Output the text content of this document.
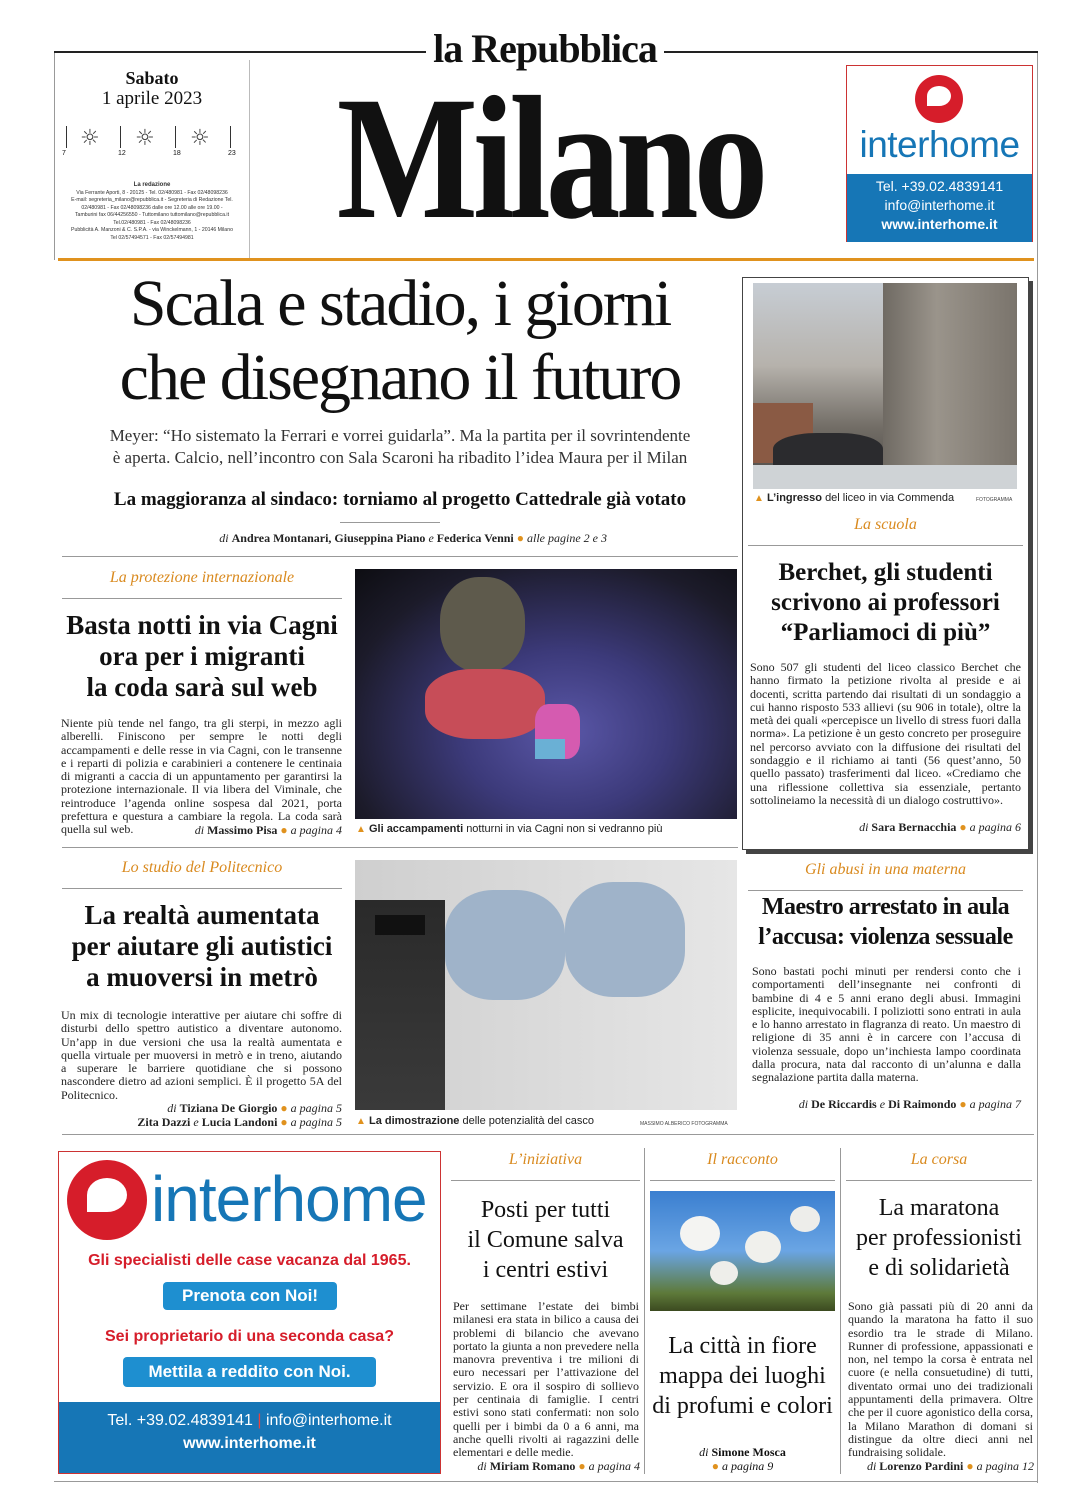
la Repubblica
Sabato
1 aprile 2023
☼ ☼ ☼
7	12	18	23
La redazione
Via Ferrante Aporti, 8 - 20125 - Tel. 02/480981 - Fax 02/48098236
E-mail: segreteria_milano@repubblica.it - Segreteria di Redazione Tel.
02/480981 - Fax 02/48098236 dalle ore 12.00 alle ore 19.00 -
Tamburini fax 06/44256550 - Tuttomilano tuttomilano@repubblica.it
Tel.02/480981 - Fax 02/48098236
Pubblicità A. Manzoni & C. S.P.A. - via Winckelmann, 1 - 20146 Milano
Tel 02/57494571 - Fax 02/57494981 Milano	interhome
Tel. +39.02.4839141
info@interhome.it
www.interhome.it
Scala e stadio, i giorni
che disegnano il futuro
Meyer: “Ho sistemato la Ferrari e vorrei guidarla”. Ma la partita per il sovrintendente
è aperta. Calcio, nell’incontro con Sala Scaroni ha ribadito l’idea Maura per il Milan
La maggioranza al sindaco: torniamo al progetto Cattedrale già votato
di Andrea Montanari, Giuseppina Piano e Federica Venni ● alle pagine 2 e 3
▲ L’ingresso del liceo in via Commenda	FOTOGRAMMA
La scuola
Berchet, gli studenti
scrivono ai professori
“Parliamoci di più”
Sono 507 gli studenti del liceo classico Berchet che hanno firmato la petizione rivolta al preside e ai docenti, scritta partendo dai risultati di un sondaggio a cui hanno risposto 533 allievi (su 906 in totale), oltre la metà dei quali «percepisce un livello di stress fuori dalla norma». La petizione è un gesto concreto per proseguire nel percorso avviato con la diffusione dei risultati del sondaggio e il richiamo ai tanti (56 quest’anno, 50 quello passato) trasferimenti dal liceo. «Crediamo che una riflessione collettiva sia essenziale, pertanto sottolineiamo la necessità di un dialogo costruttivo».
di Sara Bernacchia ● a pagina 6
La protezione internazionale
Basta notti in via Cagni
ora per i migranti
la coda sarà sul web
Niente più tende nel fango, tra gli sterpi, in mezzo agli alberelli. Finiscono per sempre le notti degli accampamenti e delle resse in via Cagni, con le transenne e i reparti di polizia e carabinieri a contenere le centinaia di migranti a caccia di un appuntamento per garantirsi la protezione internazionale. Il via libera del Viminale, che reintroduce l’agenda online sospesa dal 2021, porta prefettura e questura a cambiare la regola. La coda sarà quella sul web.	di Massimo Pisa ● a pagina 4 ▲ Gli accampamenti notturni in via Cagni non si vedranno più
Lo studio del Politecnico
La realtà aumentata
per aiutare gli autistici
a muoversi in metrò
Un mix di tecnologie interattive per aiutare chi soffre di disturbi dello spettro autistico a diventare autonomo. Un’app in due versioni che usa la realtà aumentata e quella virtuale per muoversi in metrò e in treno, aiutando a superare le barriere quotidiane che si possono nascondere dietro ad azioni semplici. È il progetto 5A del Politecnico.
di Tiziana De Giorgio ● a pagina 5
Zita Dazzi e Lucia Landoni ● a pagina 5 ▲ La dimostrazione delle potenzialità del casco	MASSIMO ALBERICO FOTOGRAMMA
Gli abusi in una materna
Maestro arrestato in aula
l’accusa: violenza sessuale
Sono bastati pochi minuti per rendersi conto che i comportamenti dell’insegnante nei confronti di bambine di 4 e 5 anni erano degli abusi. Immagini esplicite, inequivocabili. I poliziotti sono entrati in aula e lo hanno arrestato in flagranza di reato. Un maestro di religione di 35 anni è in carcere con l’accusa di violenza sessuale, dopo un’inchiesta lampo coordinata dalla procura, nata dal racconto di un’alunna e dalla segnalazione partita dalla materna.
di De Riccardis e Di Raimondo ● a pagina 7
interhome
Gli specialisti delle case vacanza dal 1965.
Prenota con Noi!
Sei proprietario di una seconda casa?
Mettila a reddito con Noi.
Tel. +39.02.4839141 | info@interhome.it
www.interhome.it
L’iniziativa
Posti per tutti
il Comune salva
i centri estivi
Per settimane l’estate dei bimbi milanesi era stata in bilico a causa dei problemi di bilancio che avevano portato la giunta a non prevedere nella manovra preventiva i tre milioni di euro necessari per l’attivazione del servizio. E ora il sospiro di sollievo per centinaia di famiglie. I centri estivi sono stati confermati: non solo quelli per i bimbi da 0 a 6 anni, ma anche quelli rivolti ai ragazzini delle elementari e delle medie.
di Miriam Romano ● a pagina 4
Il racconto
La città in fiore
mappa dei luoghi
di profumi e colori
di Simone Mosca
● a pagina 9
La corsa
La maratona
per professionisti
e di solidarietà
Sono già passati più di 20 anni da quando la maratona ha fatto il suo esordio tra le strade di Milano. Runner di professione, appassionati e non, nel tempo la corsa è entrata nel cuore (e nella consuetudine) di tutti, diventato ormai uno dei tradizionali appuntamenti della primavera. Oltre che per il cuore agonistico della corsa, la Milano Marathon di domani si distingue da oltre dieci anni nel fundraising solidale.
di Lorenzo Pardini ● a pagina 12
